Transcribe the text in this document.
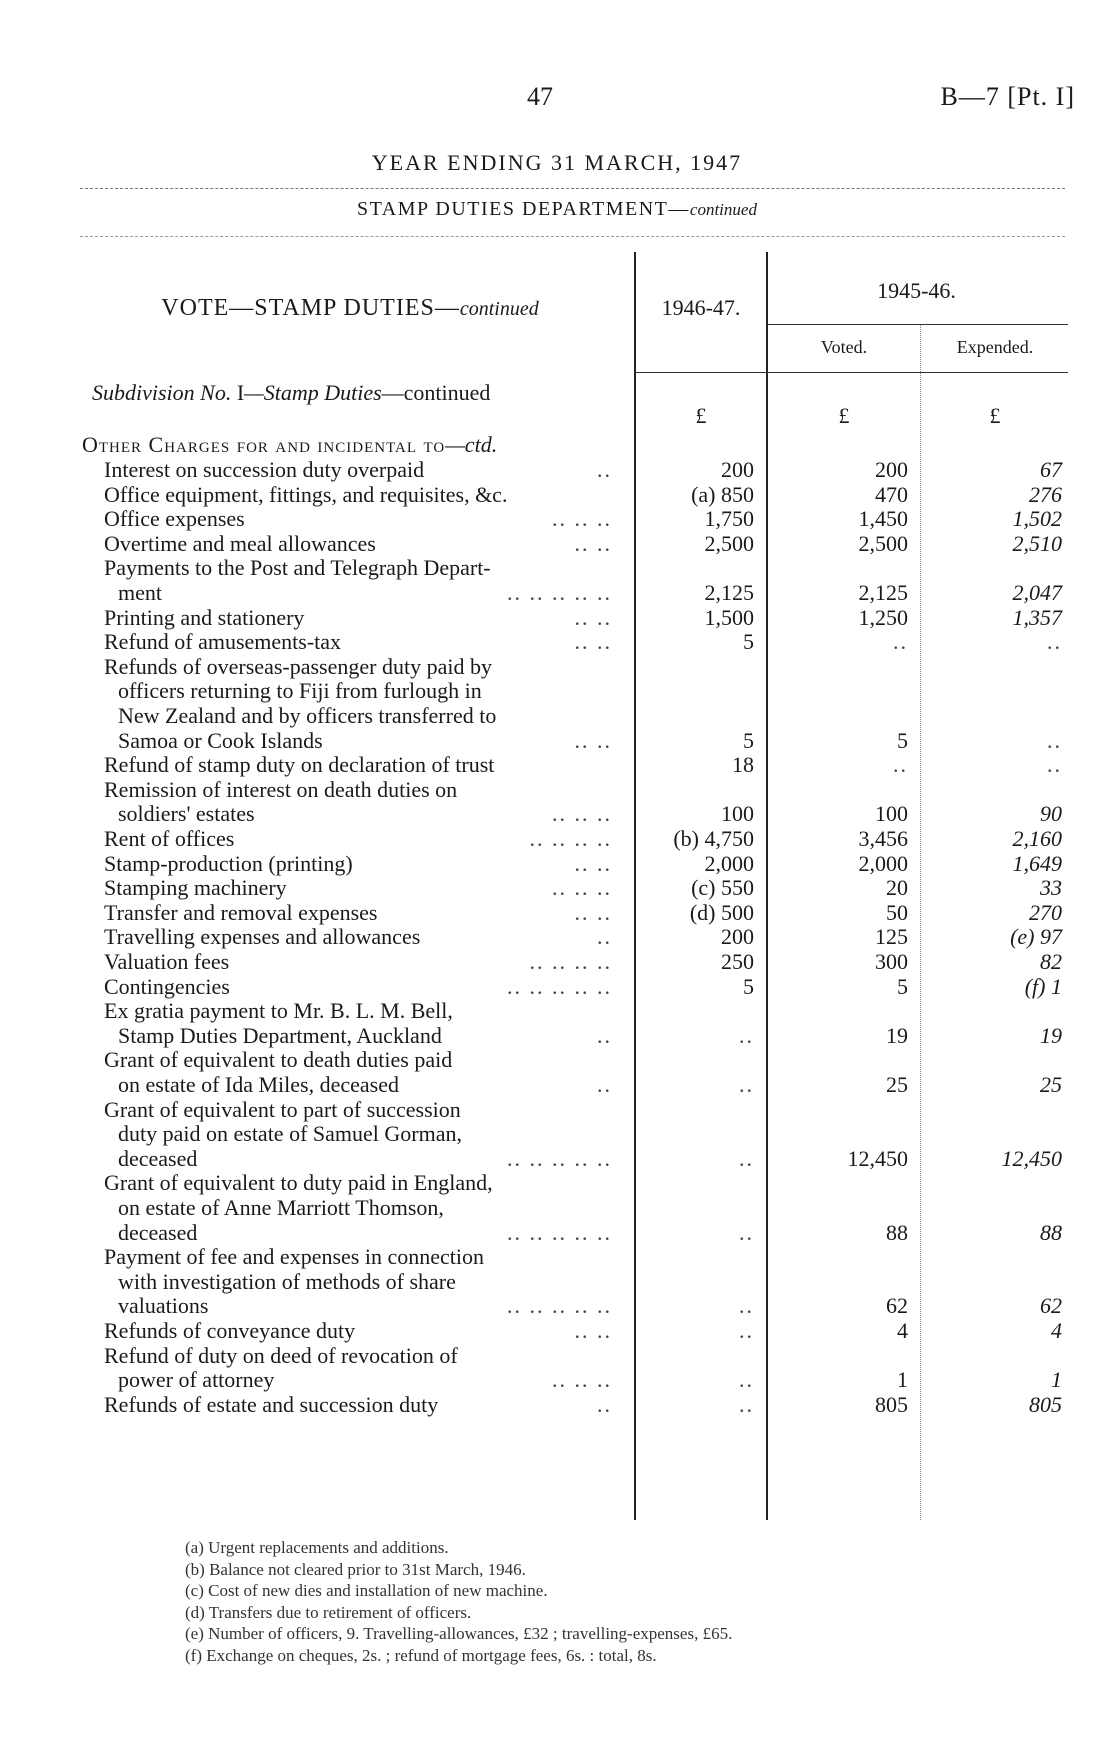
47	B—7 [Pt. I]
YEAR ENDING 31 MARCH, 1947
STAMP DUTIES DEPARTMENT—continued
VOTE—STAMP DUTIES—continued	1946-47.
1945-46.
Voted.	Expended.
Subdivision No. I—Stamp Duties—continued
£	£	£
Other Charges for and incidental to—ctd.
Interest on succession duty overpaid	..	200	200	67
Office equipment, fittings, and requisites, &c.	(a) 850	470	276
Office expenses	.. .. ..	1,750	1,450	1,502
Overtime and meal allowances	.. ..	2,500	2,500	2,510
Payments to the Post and Telegraph Depart-
ment	.. .. .. .. ..	2,125	2,125	2,047
Printing and stationery	.. ..	1,500	1,250	1,357
Refund of amusements-tax	.. ..	5	..	..
Refunds of overseas-passenger duty paid by
officers returning to Fiji from furlough in
New Zealand and by officers transferred to
Samoa or Cook Islands	.. ..	5	5	..
Refund of stamp duty on declaration of trust	18	..	..
Remission of interest on death duties on
soldiers' estates	.. .. ..	100	100	90
Rent of offices	.. .. .. ..	(b) 4,750	3,456	2,160
Stamp-production (printing)	.. ..	2,000	2,000	1,649
Stamping machinery	.. .. ..	(c) 550	20	33
Transfer and removal expenses	.. ..	(d) 500	50	270
Travelling expenses and allowances	..	200	125	(e) 97
Valuation fees	.. .. .. ..	250	300	82
Contingencies	.. .. .. .. ..	5	5	(f) 1
Ex gratia payment to Mr. B. L. M. Bell,
Stamp Duties Department, Auckland	..	..	19	19
Grant of equivalent to death duties paid
on estate of Ida Miles, deceased	..	..	25	25
Grant of equivalent to part of succession
duty paid on estate of Samuel Gorman,
deceased	.. .. .. .. ..	..	12,450	12,450
Grant of equivalent to duty paid in England,
on estate of Anne Marriott Thomson,
deceased	.. .. .. .. ..	..	88	88
Payment of fee and expenses in connection
with investigation of methods of share
valuations	.. .. .. .. ..	..	62	62
Refunds of conveyance duty	.. ..	..	4	4
Refund of duty on deed of revocation of
power of attorney	.. .. ..	..	1	1
Refunds of estate and succession duty	..	..	805	805
(a) Urgent replacements and additions.
(b) Balance not cleared prior to 31st March, 1946.
(c) Cost of new dies and installation of new machine.
(d) Transfers due to retirement of officers.
(e) Number of officers, 9. Travelling-allowances, £32 ; travelling-expenses, £65.
(f) Exchange on cheques, 2s. ; refund of mortgage fees, 6s. : total, 8s.
